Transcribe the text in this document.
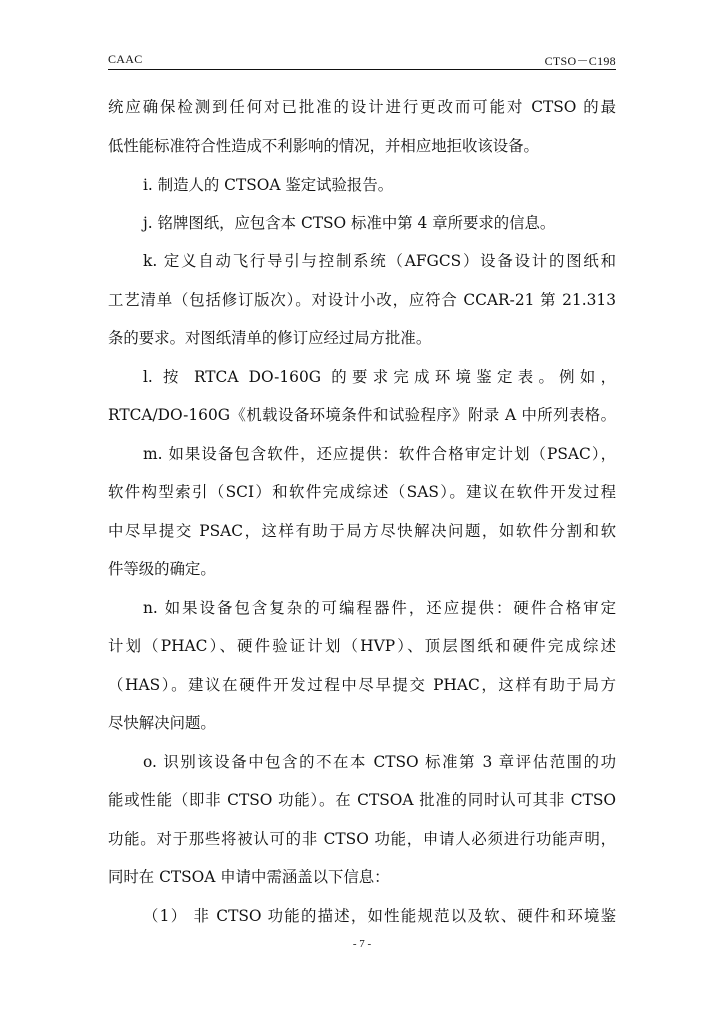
CAAC	CTSO－C198
统应确保检测到任何对已批准的设计进行更改而可能对 CTSO 的最
低性能标准符合性造成不利影响的情况，并相应地拒收该设备。
i. 制造人的 CTSOA 鉴定试验报告。
j. 铭牌图纸，应包含本 CTSO 标准中第 4 章所要求的信息。
k. 定义自动飞行导引与控制系统（AFGCS）设备设计的图纸和
工艺清单（包括修订版次）。对设计小改，应符合 CCAR-21 第 21.313
条的要求。对图纸清单的修订应经过局方批准。
l. 按 RTCA DO-160G 的要求完成环境鉴定表。例如，
RTCA/DO-160G《机载设备环境条件和试验程序》附录 A 中所列表格。
m. 如果设备包含软件，还应提供：软件合格审定计划（PSAC），
软件构型索引（SCI）和软件完成综述（SAS）。建议在软件开发过程
中尽早提交 PSAC，这样有助于局方尽快解决问题，如软件分割和软
件等级的确定。
n. 如果设备包含复杂的可编程器件，还应提供：硬件合格审定
计划（PHAC）、硬件验证计划（HVP）、顶层图纸和硬件完成综述
（HAS）。建议在硬件开发过程中尽早提交 PHAC，这样有助于局方
尽快解决问题。
o. 识别该设备中包含的不在本 CTSO 标准第 3 章评估范围的功
能或性能（即非 CTSO 功能）。在 CTSOA 批准的同时认可其非 CTSO
功能。对于那些将被认可的非 CTSO 功能，申请人必须进行功能声明，
同时在 CTSOA 申请中需涵盖以下信息：
（1） 非 CTSO 功能的描述，如性能规范以及软、硬件和环境鉴
- 7 -
